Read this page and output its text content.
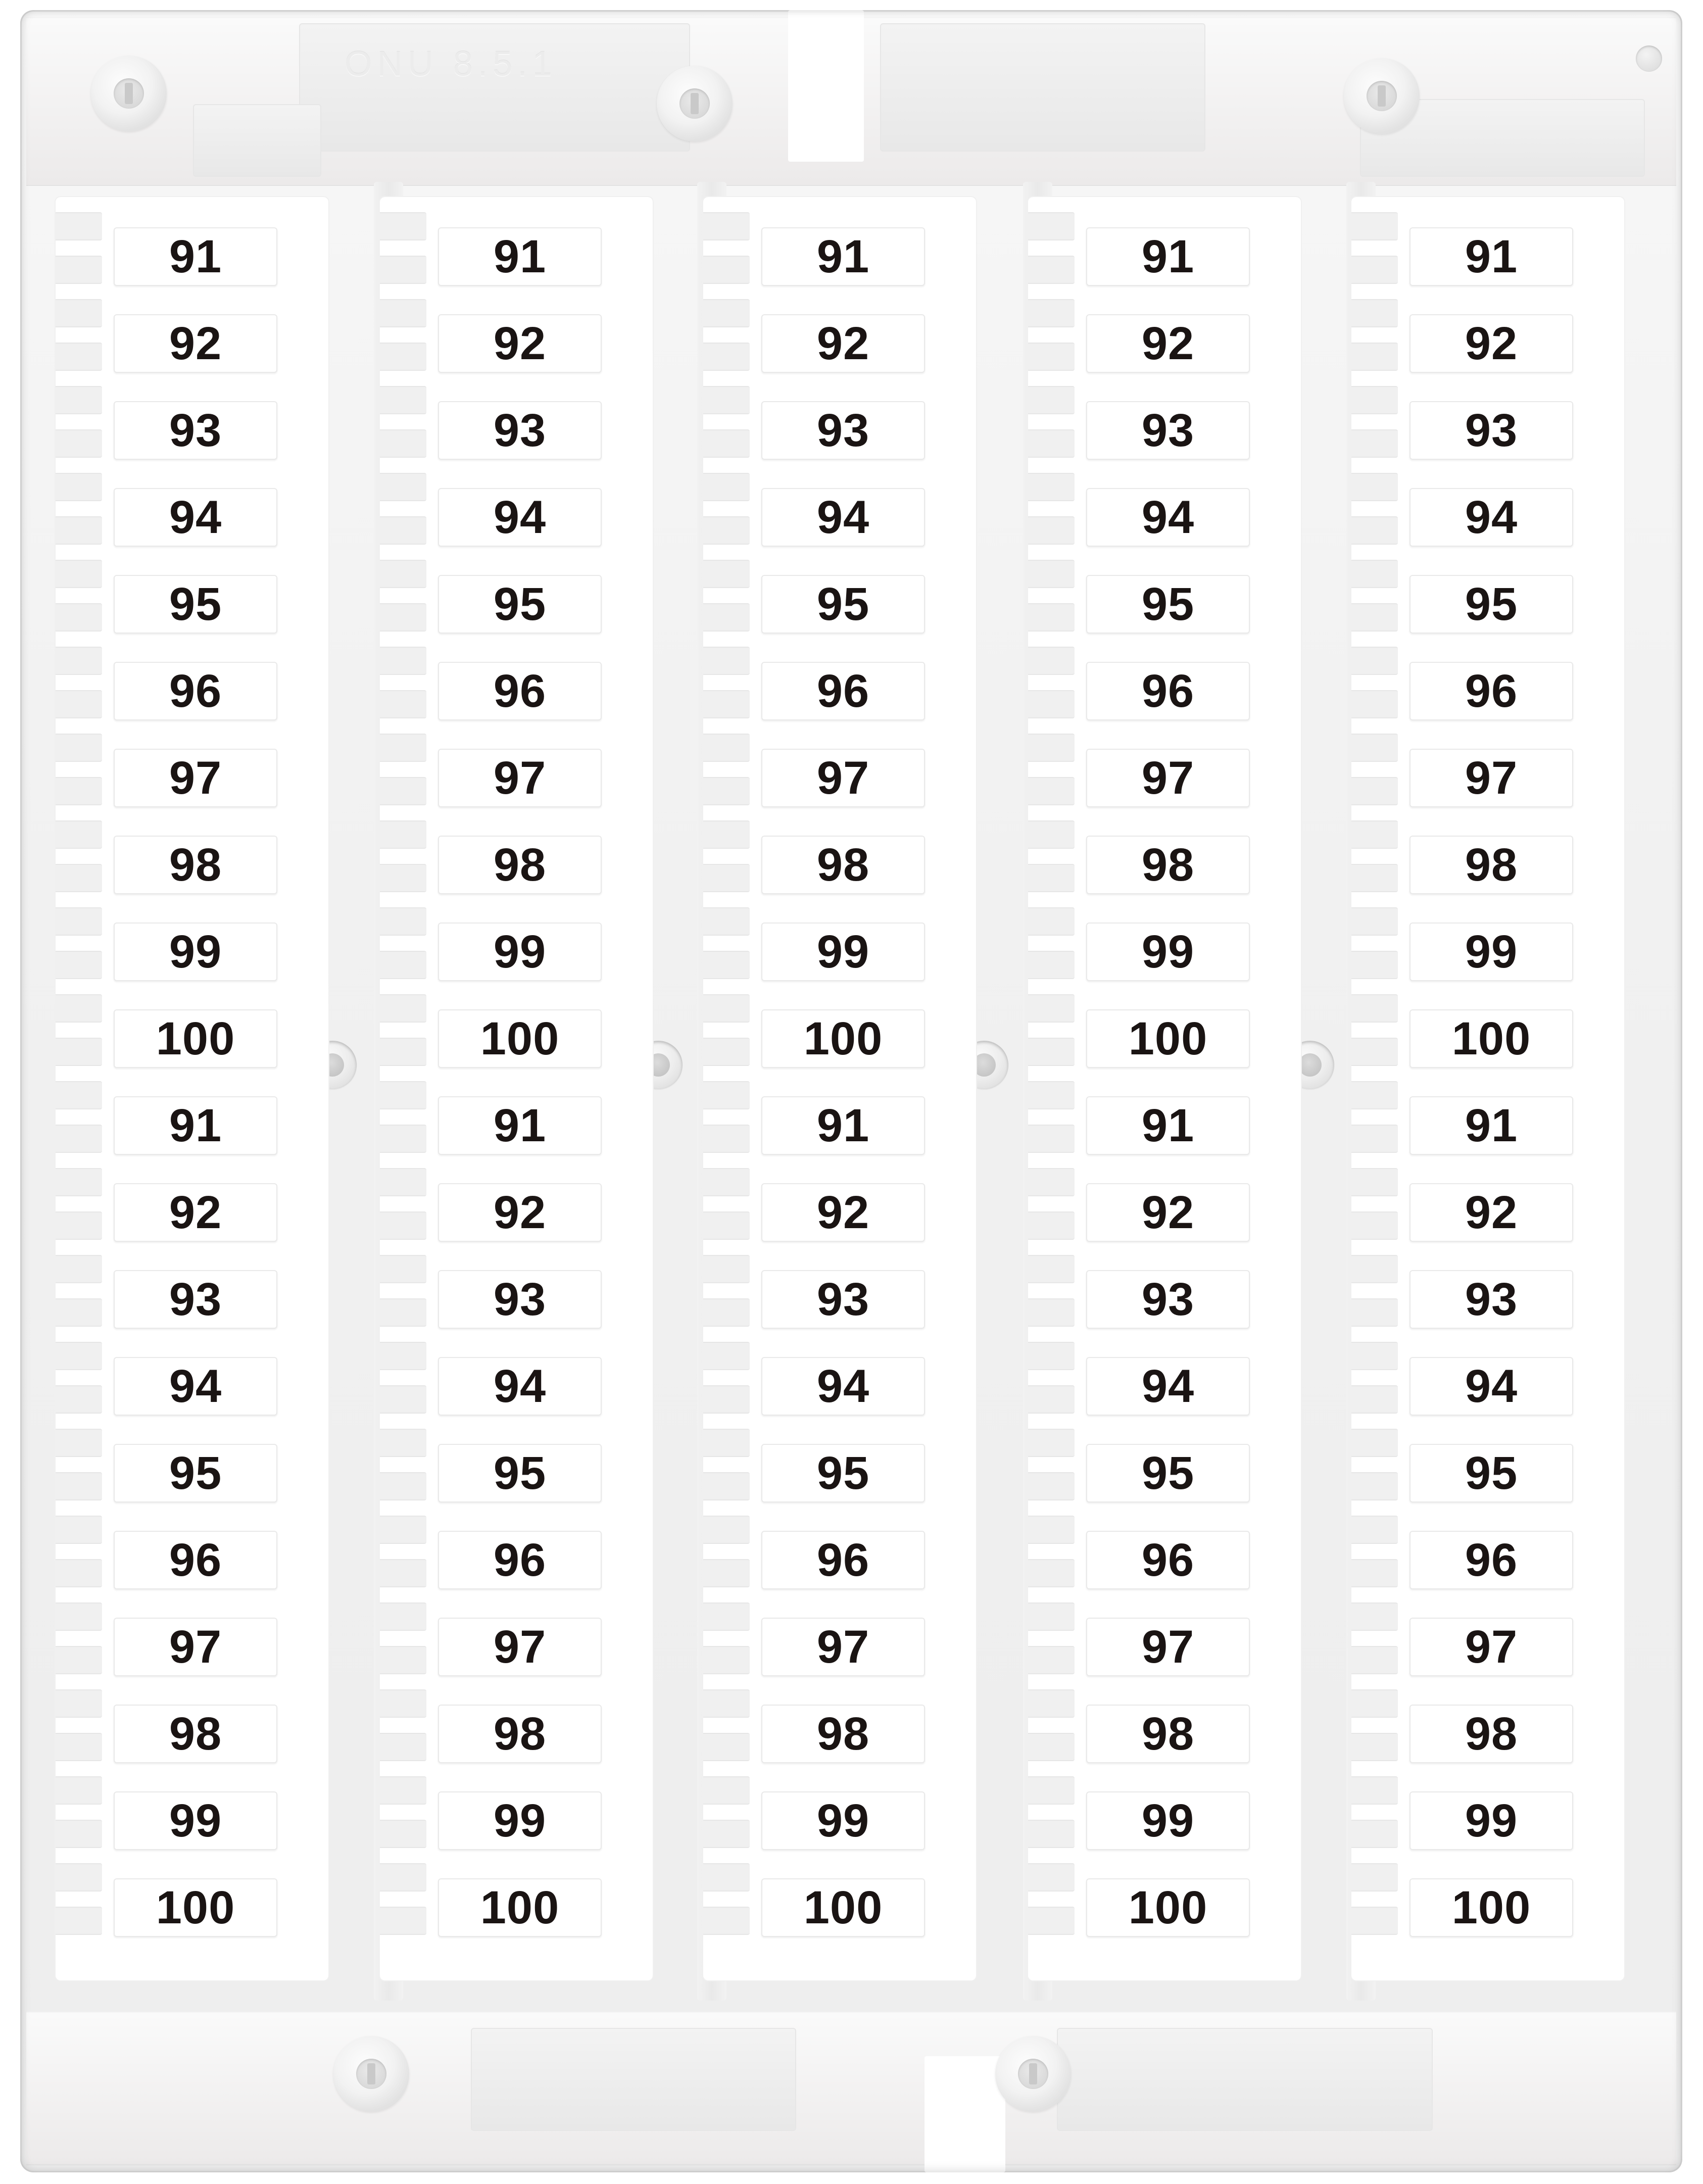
ONU 8.5.1
91
92
93
94
95
96
97
98
99
100
91
92
93
94
95
96
97
98
99
100
91
92
93
94
95
96
97
98
99
100
91
92
93
94
95
96
97
98
99
100
91
92
93
94
95
96
97
98
99
100
91
92
93
94
95
96
97
98
99
100
91
92
93
94
95
96
97
98
99
100
91
92
93
94
95
96
97
98
99
100
91
92
93
94
95
96
97
98
99
100
91
92
93
94
95
96
97
98
99
100
